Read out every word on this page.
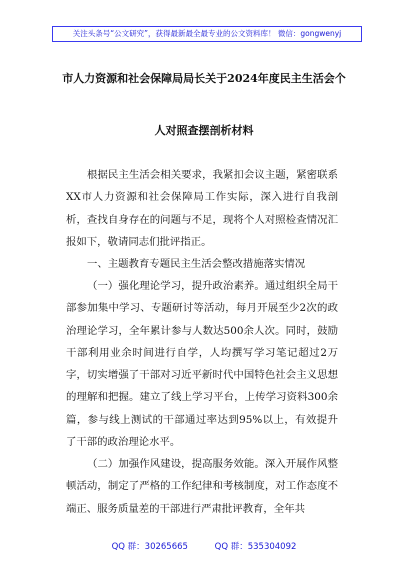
关注头条号“公文研究”，获得最新最全最专业的公文资料库！ 微信：gongwenyj
市人力资源和社会保障局局长关于2024年度民主生活会个
人对照查摆剖析材料

根据民主生活会相关要求，我紧扣会议主题，紧密联系XX市人力资源和社会保障局工作实际，深入进行自我剖析，查找自身存在的问题与不足，现将个人对照检查情况汇报如下，敬请同志们批评指正。

一、主题教育专题民主生活会整改措施落实情况

（一）强化理论学习，提升政治素养。通过组织全局干部参加集中学习、专题研讨等活动，每月开展至少2次的政治理论学习，全年累计参与人数达500余人次。同时，鼓励干部利用业余时间进行自学，人均撰写学习笔记超过2万字，切实增强了干部对习近平新时代中国特色社会主义思想的理解和把握。建立了线上学习平台，上传学习资料300余篇，参与线上测试的干部通过率达到95%以上，有效提升了干部的政治理论水平。

（二）加强作风建设，提高服务效能。深入开展作风整顿活动，制定了严格的工作纪律和考核制度，对工作态度不端正、服务质量差的干部进行严肃批评教育，全年共

QQ 群：30265665	QQ 群：535304092
